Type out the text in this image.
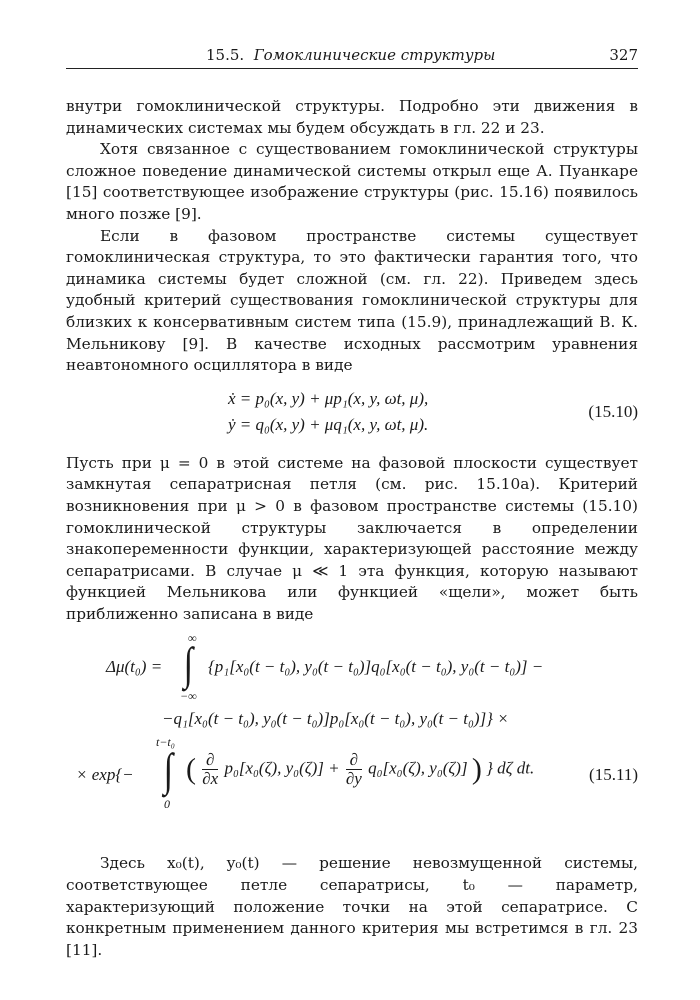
15.5. Гомоклинические структуры	327

внутри гомоклинической структуры. Подробно эти движения в динамических системах мы будем обсуждать в гл. 22 и 23.

Хотя связанное с существованием гомоклинической структуры сложное поведение динамической системы открыл еще А. Пуанкаре [15] соответствующее изображение структуры (рис. 15.16) появилось много позже [9].

Если в фазовом пространстве системы существует гомоклиническая структура, то это фактически гарантия того, что динамика системы будет сложной (см. гл. 22). Приведем здесь удобный критерий существования гомоклинической структуры для близких к консервативным систем типа (15.9), принадлежащий В. К. Мельникову [9]. В качестве исходных рассмотрим уравнения неавтономного осциллятора в виде

ẋ = p₀(x, y) + μp₁(x, y, ωt, μ),
ẏ = q₀(x, y) + μq₁(x, y, ωt, μ).
(15.10)

Пусть при μ = 0 в этой системе на фазовой плоскости существует замкнутая сепаратрисная петля (см. рис. 15.10а). Критерий возникновения при μ > 0 в фазовом пространстве системы (15.10) гомоклинической структуры заключается в определении знакопеременности функции, характеризующей расстояние между сепаратрисами. В случае μ ≪ 1 эта функция, которую называют функцией Мельникова или функцией «щели», может быть приближенно записана в виде

Δμ(t₀) =
∞
∫
−∞
{p₁[x₀(t − t₀), y₀(t − t₀)]q₀[x₀(t − t₀), y₀(t − t₀)] −
−q₁[x₀(t − t₀), y₀(t − t₀)]p₀[x₀(t − t₀), y₀(t − t₀)]} ×
× exp{−
t−t₀
∫
0
( $\frac{\partial}{\partial x} p_0[x_0(\zeta)$, $y_0(\zeta)] + \frac{\partial}{\partial y} q_0[x_0(\zeta)$, y₀(ζ)] ) } dζ dt.	(15.11)

Здесь x₀(t), y₀(t) — решение невозмущенной системы, соответствующее петле сепаратрисы, t₀ — параметр, характеризующий положение точки на этой сепаратрисе. С конкретным применением данного критерия мы встретимся в гл. 23 [11].
